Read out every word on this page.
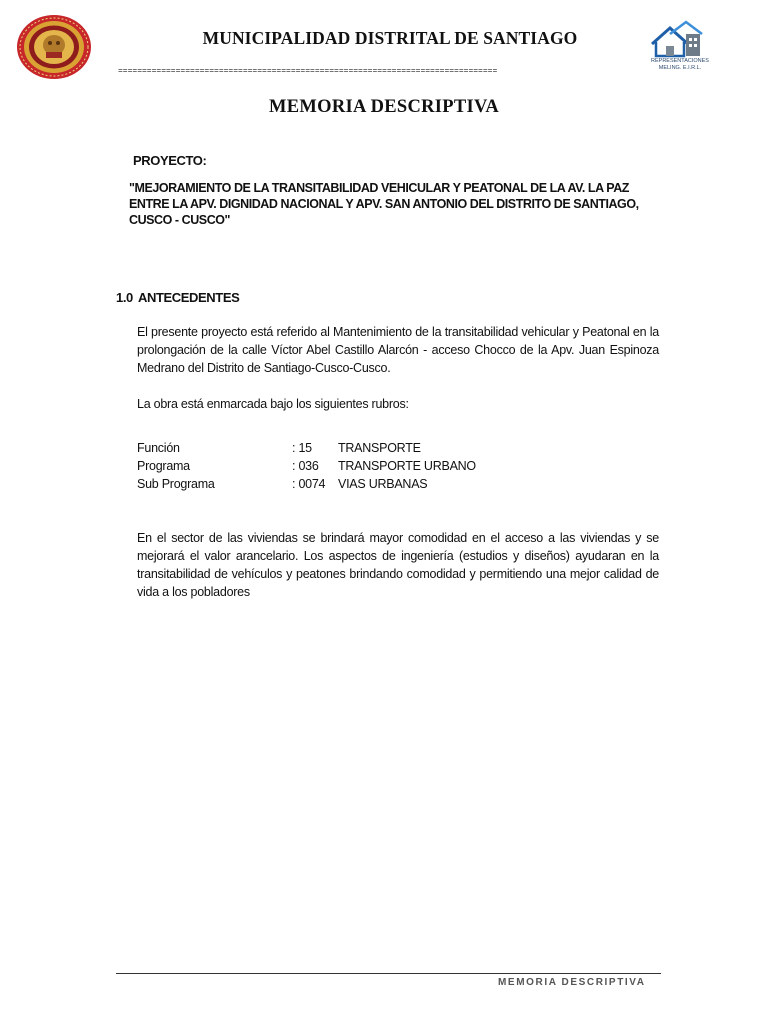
REPRESENTACIONES MELING. E.I.R.L.
MUNICIPALIDAD DISTRITAL DE SANTIAGO
===============================================================================
MEMORIA DESCRIPTIVA
PROYECTO:
"MEJORAMIENTO DE LA TRANSITABILIDAD VEHICULAR Y PEATONAL DE LA AV. LA PAZ ENTRE LA APV. DIGNIDAD NACIONAL Y APV. SAN ANTONIO DEL DISTRITO DE SANTIAGO, CUSCO - CUSCO"
1.0 ANTECEDENTES
El presente proyecto está referido al Mantenimiento de la transitabilidad vehicular y Peatonal en la prolongación de la calle Víctor Abel Castillo Alarcón - acceso Chocco de la Apv. Juan Espinoza Medrano del Distrito de Santiago-Cusco-Cusco.
La obra está enmarcada bajo los siguientes rubros:
Función	: 15	TRANSPORTE
Programa	: 036	TRANSPORTE URBANO
Sub Programa	: 0074	VIAS URBANAS
En el sector de las viviendas se brindará mayor comodidad en el acceso a las viviendas y se mejorará el valor arancelario. Los aspectos de ingeniería (estudios y diseños) ayudaran en la transitabilidad de vehículos y peatones brindando comodidad y permitiendo una mejor calidad de vida a los pobladores
MEMORIA DESCRIPTIVA
